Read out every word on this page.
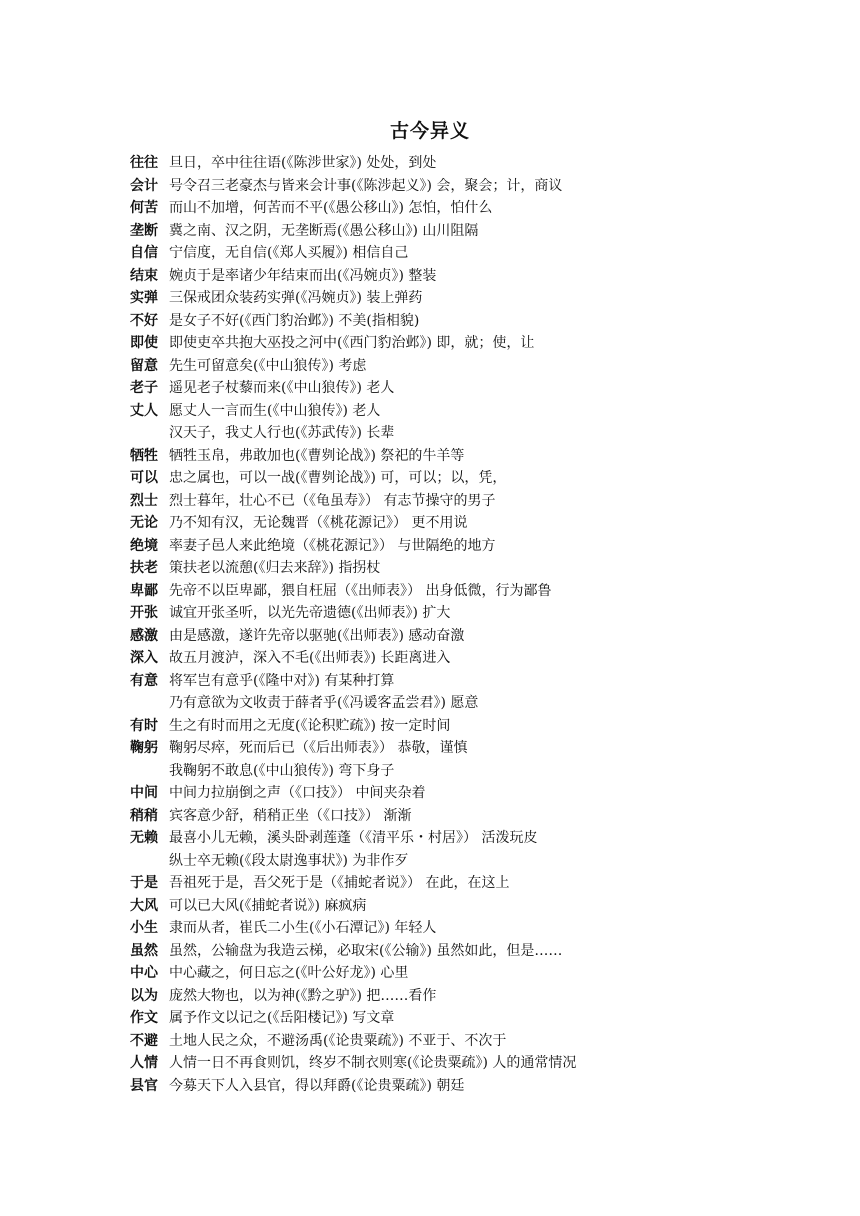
古今异义
往往 旦日，卒中往往语(《陈涉世家》) 处处，到处
会计 号令召三老豪杰与皆来会计事(《陈涉起义》) 会，聚会；计，商议
何苦 而山不加增，何苦而不平(《愚公移山》) 怎怕，怕什么
垄断 冀之南、汉之阴，无垄断焉(《愚公移山》) 山川阻隔
自信 宁信度，无自信(《郑人买履》) 相信自己
结束 婉贞于是率诸少年结束而出(《冯婉贞》) 整装
实弹 三保戒团众装药实弹(《冯婉贞》) 装上弹药
不好 是女子不好(《西门豹治邺》) 不美(指相貌)
即使 即使吏卒共抱大巫投之河中(《西门豹治邺》) 即，就；使，让
留意 先生可留意矣(《中山狼传》) 考虑
老子 遥见老子杖藜而来(《中山狼传》) 老人
丈人 愿丈人一言而生(《中山狼传》) 老人
汉天子，我丈人行也(《苏武传》) 长辈
牺牲 牺牲玉帛，弗敢加也(《曹刿论战》) 祭祀的牛羊等
可以 忠之属也，可以一战(《曹刿论战》) 可，可以；以，凭，
烈士 烈士暮年，壮心不已（《龟虽寿》） 有志节操守的男子
无论 乃不知有汉，无论魏晋（《桃花源记》） 更不用说
绝境 率妻子邑人来此绝境（《桃花源记》） 与世隔绝的地方
扶老 策扶老以流憩(《归去来辞》) 指拐杖
卑鄙 先帝不以臣卑鄙，猥自枉屈（《出师表》） 出身低微，行为鄙鲁
开张 诚宜开张圣听，以光先帝遗德(《出师表》) 扩大
感激 由是感激，遂许先帝以驱驰(《出师表》) 感动奋激
深入 故五月渡泸，深入不毛(《出师表》) 长距离进入
有意 将军岂有意乎(《隆中对》) 有某种打算
乃有意欲为文收责于薛者乎(《冯谖客孟尝君》) 愿意
有时 生之有时而用之无度(《论积贮疏》) 按一定时间
鞠躬 鞠躬尽瘁，死而后已（《后出师表》） 恭敬，谨慎
我鞠躬不敢息(《中山狼传》) 弯下身子
中间 中间力拉崩倒之声（《口技》） 中间夹杂着
稍稍 宾客意少舒，稍稍正坐（《口技》） 渐渐
无赖 最喜小儿无赖，溪头卧剥莲蓬（《清平乐・村居》） 活泼玩皮
纵士卒无赖(《段太尉逸事状》) 为非作歹
于是 吾祖死于是，吾父死于是（《捕蛇者说》） 在此，在这上
大风 可以已大风(《捕蛇者说》) 麻疯病
小生 隶而从者，崔氏二小生(《小石潭记》) 年轻人
虽然 虽然，公输盘为我造云梯，必取宋(《公输》) 虽然如此，但是……
中心 中心藏之，何日忘之(《叶公好龙》) 心里
以为 庞然大物也，以为神(《黔之驴》) 把……看作
作文 属予作文以记之(《岳阳楼记》) 写文章
不避 土地人民之众，不避汤禹(《论贵粟疏》) 不亚于、不次于
人情 人情一日不再食则饥，终岁不制衣则寒(《论贵粟疏》) 人的通常情况
县官 今募天下人入县官，得以拜爵(《论贵粟疏》) 朝廷
